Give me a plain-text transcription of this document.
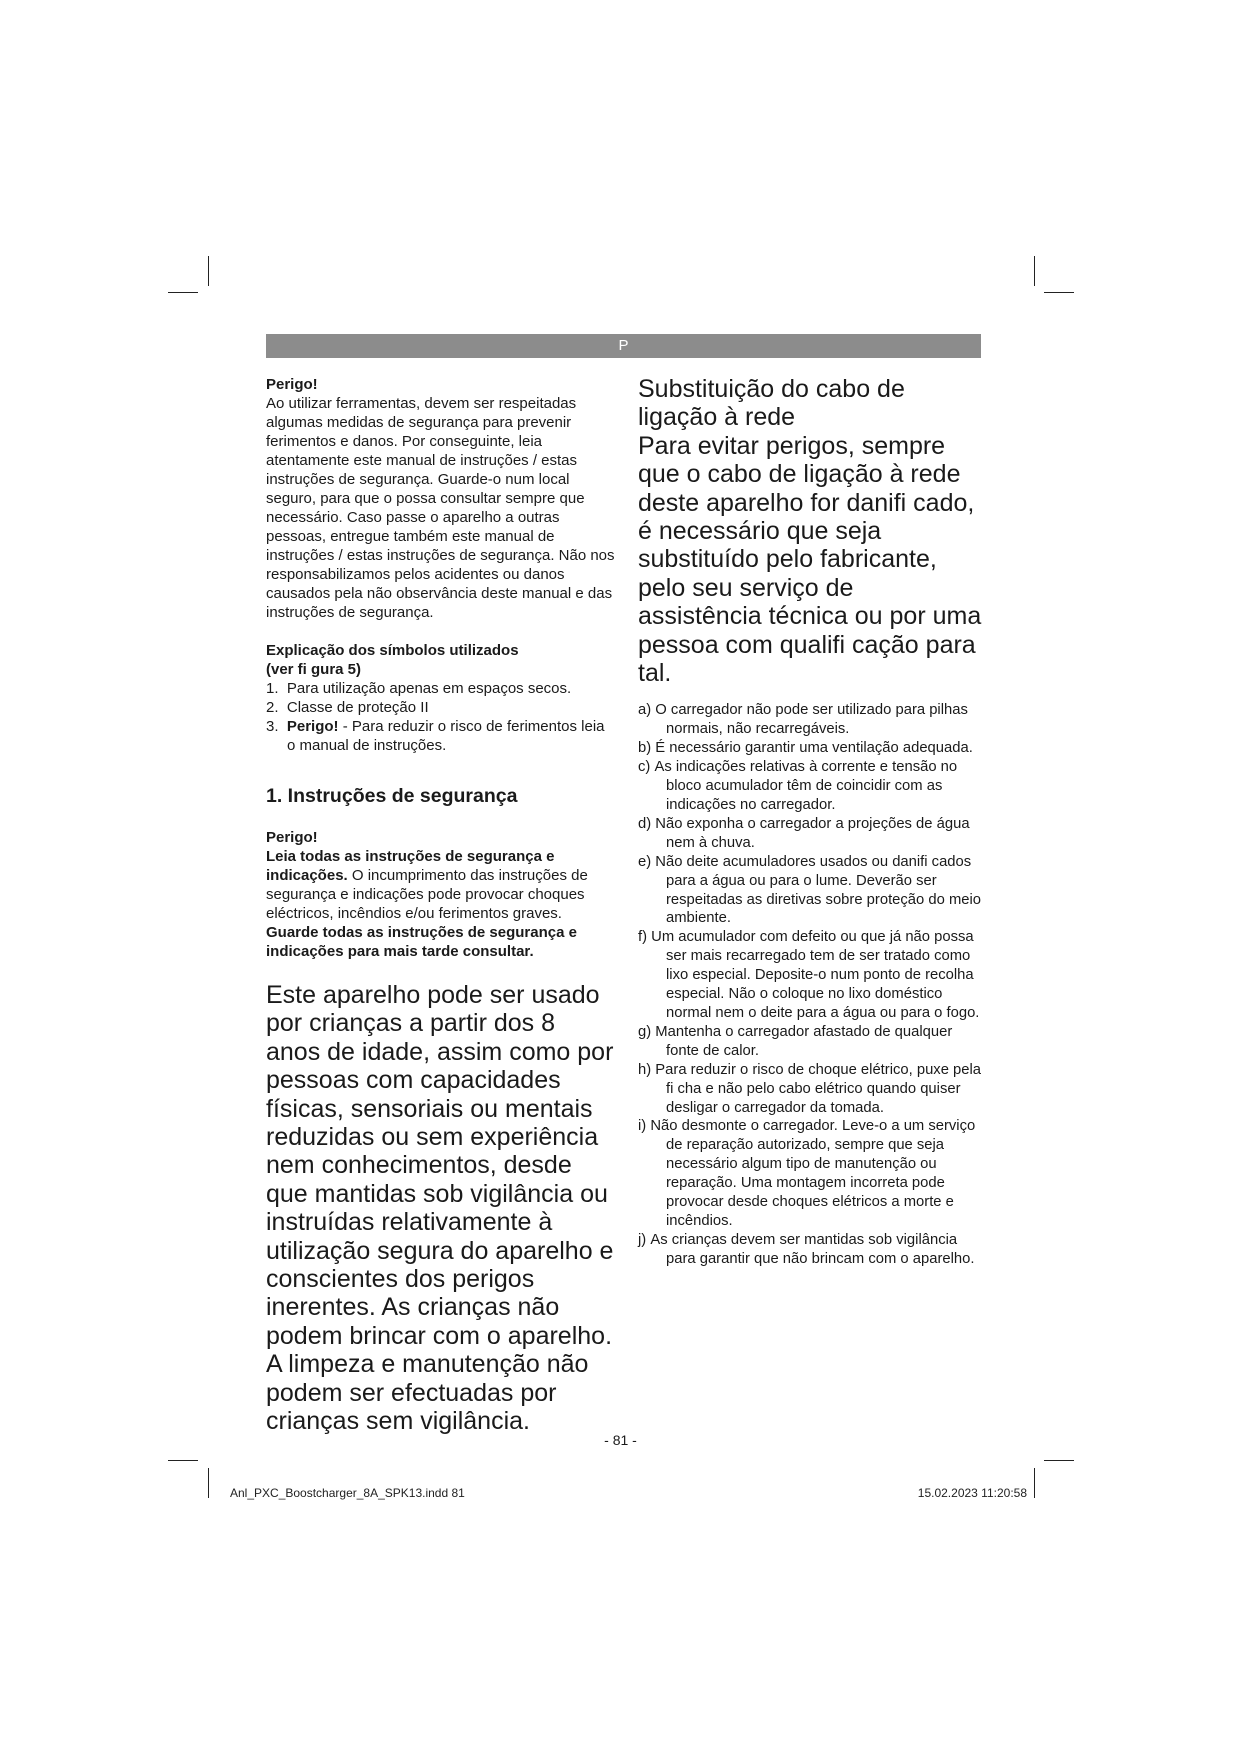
P

Perigo!

Ao utilizar ferramentas, devem ser respeitadas algumas medidas de segurança para prevenir ferimentos e danos. Por conseguinte, leia atentamente este manual de instruções / estas instruções de segurança. Guarde-o num local seguro, para que o possa consultar sempre que necessário. Caso passe o aparelho a outras pessoas, entregue também este manual de instruções / estas instruções de segurança. Não nos responsabilizamos pelos acidentes ou danos causados pela não observância deste manual e das instruções de segurança.

Explicação dos símbolos utilizados

(ver fi gura 5)

1. Para utilização apenas em espaços secos.
2. Classe de proteção II
3. Perigo! - Para reduzir o risco de ferimentos leia o manual de instruções.

1. Instruções de segurança

Perigo!

Leia todas as instruções de segurança e indicações. O incumprimento das instruções de segurança e indicações pode provocar choques eléctricos, incêndios e/ou ferimentos graves.

Guarde todas as instruções de segurança e indicações para mais tarde consultar.

Este aparelho pode ser usado por crianças a partir dos 8 anos de idade, assim como por pessoas com capacidades físicas, sensoriais ou mentais reduzidas ou sem experiência nem conhecimentos, desde que mantidas sob vigilância ou instruídas relativamente à utilização segura do aparelho e conscientes dos perigos inerentes. As crianças não podem brincar com o aparelho. A limpeza e manutenção não podem ser efectuadas por crianças sem vigilância.

Substituição do cabo de ligação à rede

Para evitar perigos, sempre que o cabo de ligação à rede deste aparelho for danifi cado, é necessário que seja substituído pelo fabricante, pelo seu serviço de assistência técnica ou por uma pessoa com qualifi cação para tal.

a) O carregador não pode ser utilizado para pilhas normais, não recarregáveis.
b) É necessário garantir uma ventilação adequada.
c) As indicações relativas à corrente e tensão no bloco acumulador têm de coincidir com as indicações no carregador.
d) Não exponha o carregador a projeções de água nem à chuva.
e) Não deite acumuladores usados ou danifi cados para a água ou para o lume. Deverão ser respeitadas as diretivas sobre proteção do meio ambiente.
f) Um acumulador com defeito ou que já não possa ser mais recarregado tem de ser tratado como lixo especial. Deposite-o num ponto de recolha especial. Não o coloque no lixo doméstico normal nem o deite para a água ou para o fogo.
g) Mantenha o carregador afastado de qualquer fonte de calor.
h) Para reduzir o risco de choque elétrico, puxe pela fi cha e não pelo cabo elétrico quando quiser desligar o carregador da tomada.
i) Não desmonte o carregador. Leve-o a um serviço de reparação autorizado, sempre que seja necessário algum tipo de manutenção ou reparação. Uma montagem incorreta pode provocar desde choques elétricos a morte e incêndios.
j) As crianças devem ser mantidas sob vigilância para garantir que não brincam com o aparelho.
- 81 -
Anl_PXC_Boostcharger_8A_SPK13.indd 81	15.02.2023 11:20:58
